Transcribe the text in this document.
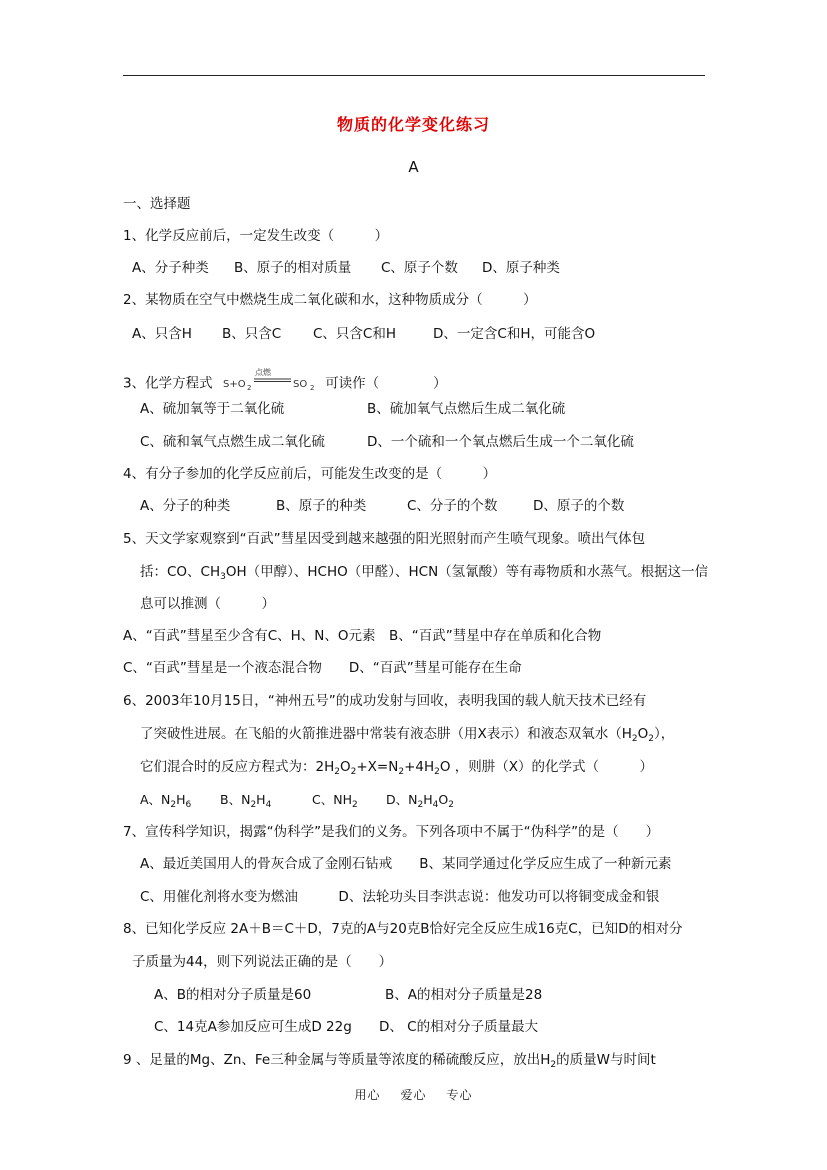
物质的化学变化练习
A
一、选择题
1、化学反应前后，一定发生改变（　　　）
A、分子种类 B、原子的相对质量 C、原子个数 D、原子种类
2、某物质在空气中燃烧生成二氧化碳和水，这种物质成分（　　　）
A、只含H B、只含C C、只含C和H	D、一定含C和H，可能含O
3、化学方程式
点燃
S+O 2	SO 2 可读作（　　　　）
A、硫加氧等于二氧化硫	B、硫加氧气点燃后生成二氧化硫
C、硫和氧气点燃生成二氧化硫	D、一个硫和一个氧点燃后生成一个二氧化硫
4、有分子参加的化学反应前后，可能发生改变的是（　　　）
A、分子的种类	B、原子的种类	C、分子的个数	D、原子的个数
5、天文学家观察到“百武”彗星因受到越来越强的阳光照射而产生喷气现象。喷出气体包
括：CO、$CH_3OH$（甲醇）、HCHO（甲醛）、HCN（氢氰酸）等有毒物质和水蒸气。根据这一信
息可以推测（　　　）
A、“百武”彗星至少含有C、H、N、O元素　B、“百武”彗星中存在单质和化合物
C、“百武”彗星是一个液态混合物　　D、“百武”彗星可能存在生命
6、2003年10月15日，“神州五号”的成功发射与回收，表明我国的载人航天技术已经有
了突破性进展。在飞船的火箭推进器中常装有液态肼（用X表示）和液态双氧水$(H_2O_2)$，
它们混合时的反应方程式为：$2H_2O_2+X=N_2+4H_2O$ ，则肼（X）的化学式（　　　）
A、$N_2H_6$ B、$N_2H_4$	C、$NH_2$ D、$N_2H_4O_2$
7、宣传科学知识，揭露“伪科学”是我们的义务。下列各项中不属于“伪科学”的是（　　）
A、最近美国用人的骨灰合成了金刚石钻戒　　B、某同学通过化学反应生成了一种新元素
C、用催化剂将水变为燃油　　　D、法轮功头目李洪志说：他发功可以将铜变成金和银
8、已知化学反应 2A＋B＝C＋D，7克的A与20克B恰好完全反应生成16克C，已知D的相对分
子质量为44，则下列说法正确的是（　　）
A、B的相对分子质量是60	B、A的相对分子质量是28
C、14克A参加反应可生成D 22g D、 C的相对分子质量最大
9 、足量的Mg、Zn、Fe三种金属与等质量等浓度的稀硫酸反应，放出$H_2$的质量W与时间t
用心 爱心 专心
